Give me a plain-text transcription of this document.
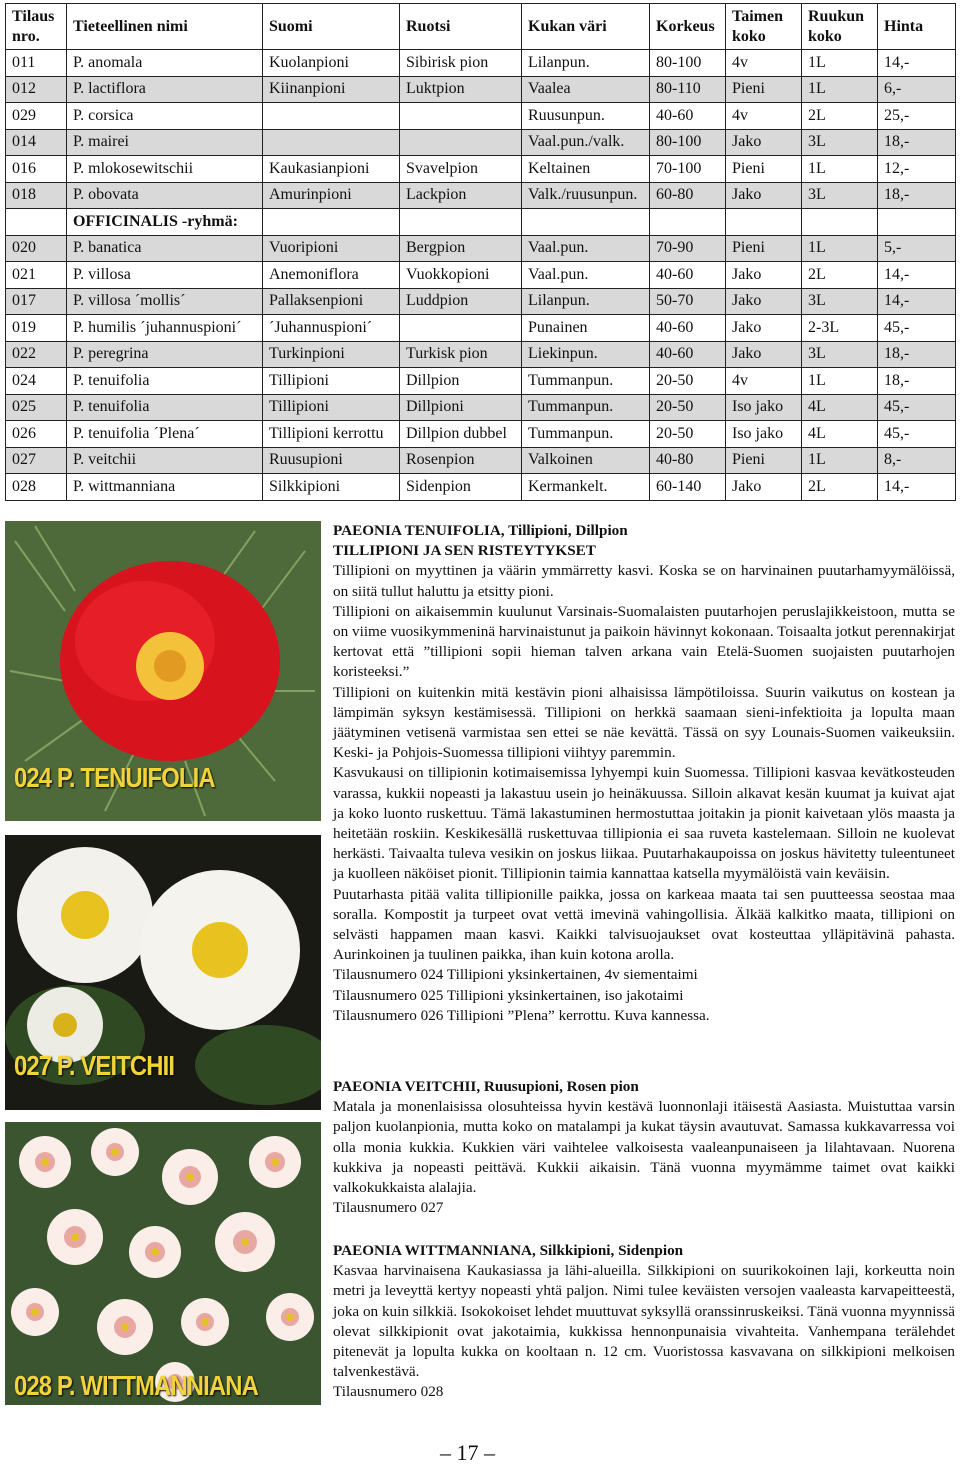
Tilaus nro.	Tieteellinen nimi	Suomi	Ruotsi	Kukan väri	Korkeus	Taimen koko	Ruukun koko	Hinta
011	P. anomala	Kuolanpioni	Sibirisk pion	Lilanpun.	80-100	4v	1L	14,-
012	P. lactiflora	Kiinanpioni	Luktpion	Vaalea	80-110	Pieni	1L	6,-
029	P. corsica			Ruusunpun.	40-60	4v	2L	25,-
014	P. mairei			Vaal.pun./valk.	80-100	Jako	3L	18,-
016	P. mlokosewitschii	Kaukasianpioni	Svavelpion	Keltainen	70-100	Pieni	1L	12,-
018	P. obovata	Amurinpioni	Lackpion	Valk./ruusunpun.	60-80	Jako	3L	18,-
	OFFICINALIS -ryhmä:							
020	P. banatica	Vuoripioni	Bergpion	Vaal.pun.	70-90	Pieni	1L	5,-
021	P. villosa	Anemoniflora	Vuokkopioni	Vaal.pun.	40-60	Jako	2L	14,-
017	P. villosa ´mollis´	Pallaksenpioni	Luddpion	Lilanpun.	50-70	Jako	3L	14,-
019	P. humilis ´juhannuspioni´	´Juhannuspioni´		Punainen	40-60	Jako	2-3L	45,-
022	P. peregrina	Turkinpioni	Turkisk pion	Liekinpun.	40-60	Jako	3L	18,-
024	P. tenuifolia	Tillipioni	Dillpion	Tummanpun.	20-50	4v	1L	18,-
025	P. tenuifolia	Tillipioni	Dillpioni	Tummanpun.	20-50	Iso jako	4L	45,-
026	P. tenuifolia ´Plena´	Tillipioni kerrottu	Dillpion dubbel	Tummanpun.	20-50	Iso jako	4L	45,-
027	P. veitchii	Ruusupioni	Rosenpion	Valkoinen	40-80	Pieni	1L	8,-
028	P. wittmanniana	Silkkipioni	Sidenpion	Kermankelt.	60-140	Jako	2L	14,-
024 P. TENUIFOLIA
027 P. VEITCHII
028 P. WITTMANNIANA
PAEONIA TENUIFOLIA, Tillipioni, Dillpion
TILLIPIONI JA SEN RISTEYTYKSET

Tillipioni on myyttinen ja väärin ymmärretty kasvi. Koska se on harvinainen puutarhamyymälöissä, on siitä tullut haluttu ja etsitty pioni.

Tillipioni on aikaisemmin kuulunut Varsinais-Suomalaisten puutarhojen peruslajikkeistoon, mutta se on viime vuosikymmeninä harvinaistunut ja paikoin hävinnyt kokonaan. Toisaalta jotkut perennakirjat kertovat että ”tillipioni sopii hieman talven arkana vain Etelä-Suomen suojaisten puutarhojen koristeeksi.”

Tillipioni on kuitenkin mitä kestävin pioni alhaisissa lämpötiloissa. Suurin vaikutus on kostean ja lämpimän syksyn kestämisessä. Tillipioni on herkkä saamaan sieni-infektioita ja lopulta maan jäätyminen vetisenä varmistaa sen ettei se näe kevättä. Tässä on syy Lounais-Suomen vaikeuksiin. Keski- ja Pohjois-Suomessa tillipioni viihtyy paremmin.

Kasvukausi on tillipionin kotimaisemissa lyhyempi kuin Suomessa. Tillipioni kasvaa kevätkosteuden varassa, kukkii nopeasti ja lakastuu usein jo heinäkuussa. Silloin alkavat kesän kuumat ja kuivat ajat ja koko luonto ruskettuu. Tämä lakastuminen hermostuttaa joitakin ja pionit kaivetaan ylös maasta ja heitetään roskiin. Keskikesällä ruskettuvaa tillipioniа ei saa ruveta kastelemaan. Silloin ne kuolevat herkästi. Taivaalta tuleva vesikin on joskus liikaa. Puutarhakaupoissa on joskus hävitetty tuleentuneet ja kuolleen näköiset pionit. Tillipionin taimia kannattaa katsella myymälöistä vain keväisin.

Puutarhasta pitää valita tillipionille paikka, jossa on karkeaa maata tai sen puutteessa seostaa maa soralla. Kompostit ja turpeet ovat vettä imevinä vahingollisia. Älkää kalkitko maata, tillipioni on selvästi happamen maan kasvi. Kaikki talvisuojaukset ovat kosteuttaa ylläpitävinä pahasta. Aurinkoinen ja tuulinen paikka, ihan kuin kotona arolla.

Tilausnumero 024 Tillipioni yksinkertainen, 4v siementaimi

Tilausnumero 025 Tillipioni yksinkertainen, iso jakotaimi

Tilausnumero 026 Tillipioni ”Plena” kerrottu. Kuva kannessa.

PAEONIA VEITCHII, Ruusupioni, Rosen pion

Matala ja monenlaisissa olosuhteissa hyvin kestävä luonnonlaji itäisestä Aasiasta. Muistuttaa varsin paljon kuolanpionia, mutta koko on matalampi ja kukat täysin avautuvat. Samassa kukkavarressa voi olla monia kukkia. Kukkien väri vaihtelee valkoisesta vaaleanpunaiseen ja lilahtavaan. Nuorena kukkiva ja nopeasti peittävä. Kukkii aikaisin. Tänä vuonna myymämme taimet ovat kaikki valkokukkaista alalajia.

Tilausnumero 027

PAEONIA WITTMANNIANA, Silkkipioni, Sidenpion

Kasvaa harvinaisena Kaukasiassa ja lähi-alueilla. Silkkipioni on suurikokoinen laji, korkeutta noin metri ja leveyttä kertyy nopeasti yhtä paljon. Nimi tulee keväisten versojen vaaleasta karvapeitteestä, joka on kuin silkkiä. Isokokoiset lehdet muuttuvat syksyllä oranssinruskeiksi. Tänä vuonna myynnissä olevat silkkipionit ovat jakotaimia, kukkissa hennonpunaisia vivahteita. Vanhempana terälehdet pitenevät ja lopulta kukka on kooltaan n. 12 cm. Vuoristossa kasvavana on silkkipioni melkoisen talvenkestävä.

Tilausnumero 028

– 17 –
